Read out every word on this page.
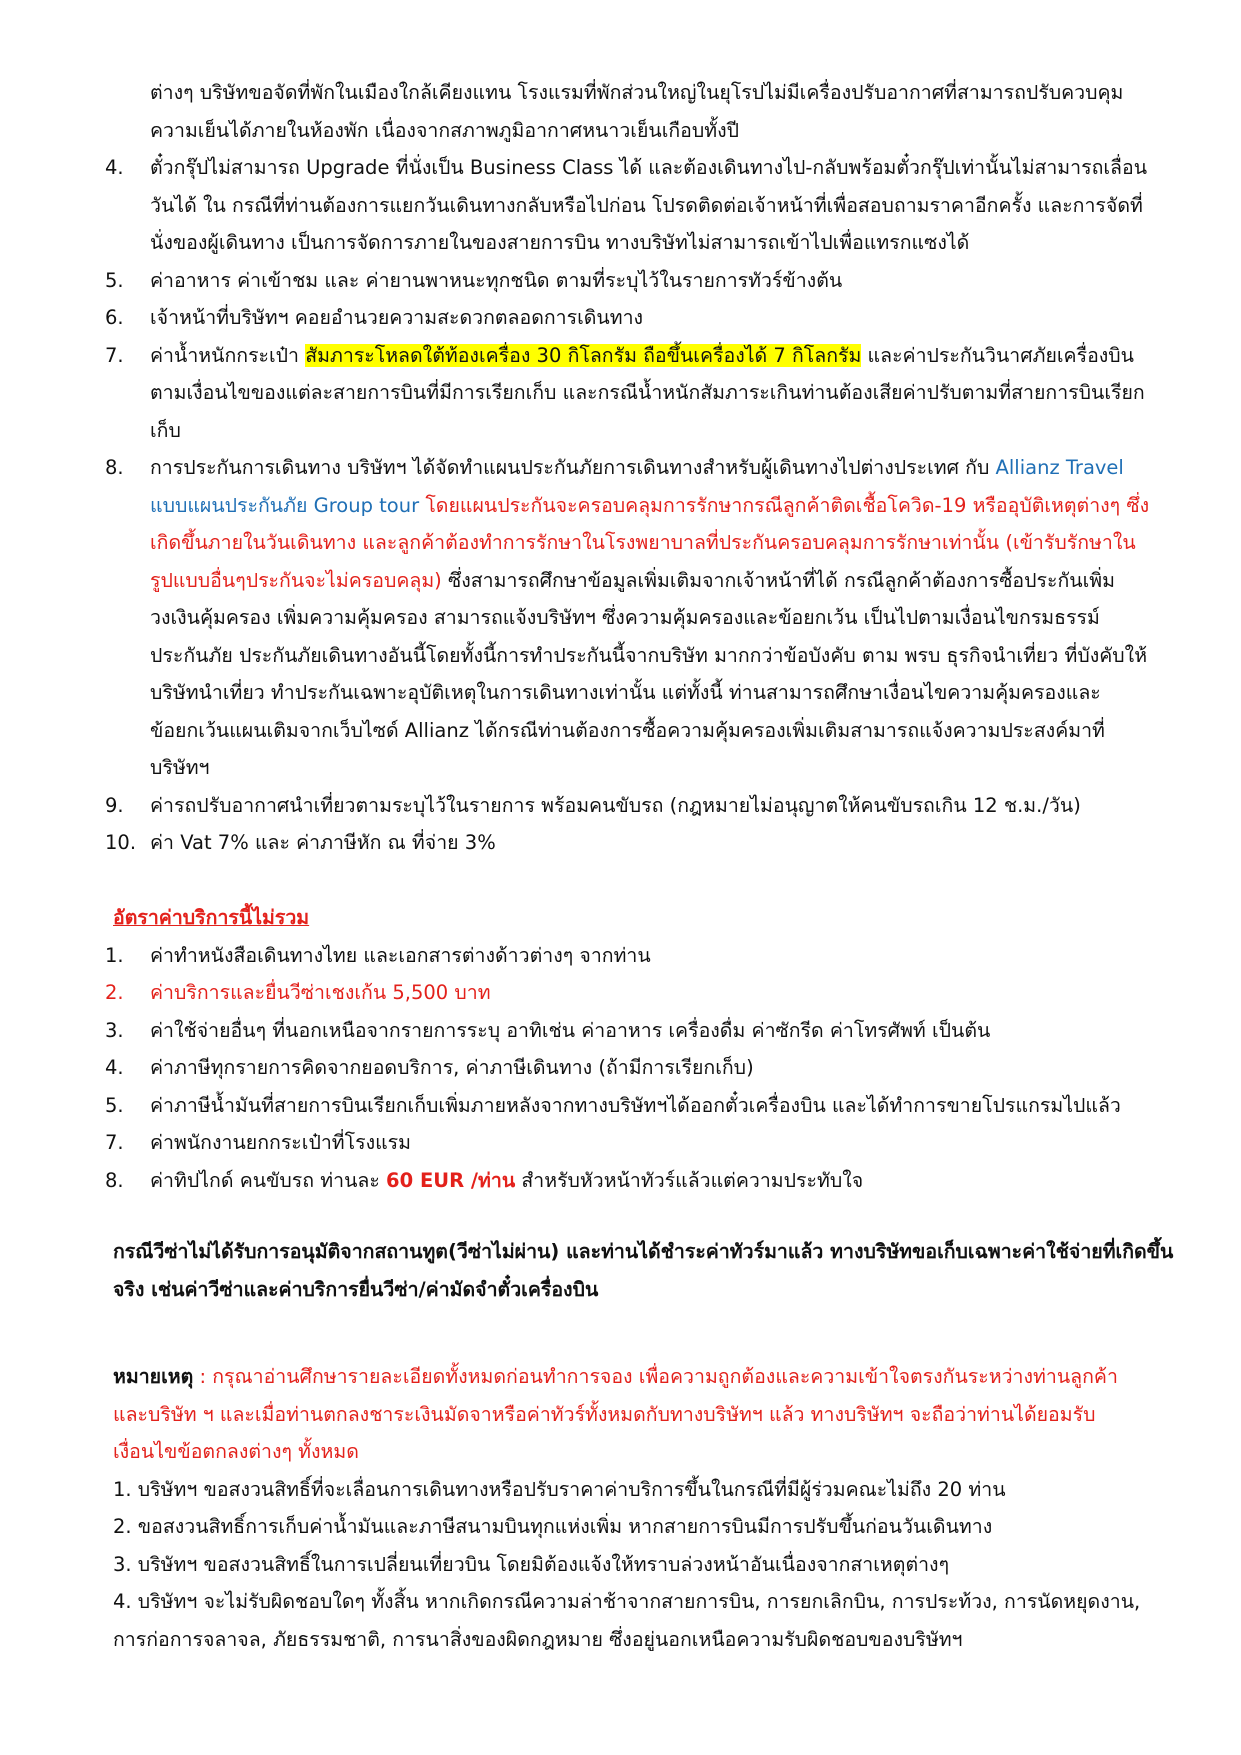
ต่างๆ บริษัทขอจัดที่พักในเมืองใกล้เคียงแทน โรงแรมที่พักส่วนใหญ่ในยุโรปไม่มีเครื่องปรับอากาศที่สามารถปรับควบคุม
ความเย็นได้ภายในห้องพัก เนื่องจากสภาพภูมิอากาศหนาวเย็นเกือบทั้งปี
4. ตั๋วกรุ๊ปไม่สามารถ Upgrade ที่นั่งเป็น Business Class ได้ และต้องเดินทางไป-กลับพร้อมตั๋วกรุ๊ปเท่านั้นไม่สามารถเลื่อน
วันได้ ใน กรณีที่ท่านต้องการแยกวันเดินทางกลับหรือไปก่อน โปรดติดต่อเจ้าหน้าที่เพื่อสอบถามราคาอีกครั้ง และการจัดที่
นั่งของผู้เดินทาง เป็นการจัดการภายในของสายการบิน ทางบริษัทไม่สามารถเข้าไปเพื่อแทรกแซงได้
5. ค่าอาหาร ค่าเข้าชม และ ค่ายานพาหนะทุกชนิด ตามที่ระบุไว้ในรายการทัวร์ข้างต้น
6. เจ้าหน้าที่บริษัทฯ คอยอำนวยความสะดวกตลอดการเดินทาง
7. ค่าน้ำหนักกระเป๋า สัมภาระโหลดใต้ท้องเครื่อง 30 กิโลกรัม ถือขึ้นเครื่องได้ 7 กิโลกรัม และค่าประกันวินาศภัยเครื่องบิน
ตามเงื่อนไขของแต่ละสายการบินที่มีการเรียกเก็บ และกรณีน้ำหนักสัมภาระเกินท่านต้องเสียค่าปรับตามที่สายการบินเรียก
เก็บ
8. การประกันการเดินทาง บริษัทฯ ได้จัดทำแผนประกันภัยการเดินทางสำหรับผู้เดินทางไปต่างประเทศ กับ Allianz Travel
แบบแผนประกันภัย Group tour โดยแผนประกันจะครอบคลุมการรักษากรณีลูกค้าติดเชื้อโควิด-19 หรืออุบัติเหตุต่างๆ ซึ่ง
เกิดขึ้นภายในวันเดินทาง และลูกค้าต้องทำการรักษาในโรงพยาบาลที่ประกันครอบคลุมการรักษาเท่านั้น (เข้ารับรักษาใน
รูปแบบอื่นๆประกันจะไม่ครอบคลุม) ซึ่งสามารถศึกษาข้อมูลเพิ่มเติมจากเจ้าหน้าที่ได้ กรณีลูกค้าต้องการซื้อประกันเพิ่ม
วงเงินคุ้มครอง เพิ่มความคุ้มครอง สามารถแจ้งบริษัทฯ ซึ่งความคุ้มครองและข้อยกเว้น เป็นไปตามเงื่อนไขกรมธรรม์
ประกันภัย ประกันภัยเดินทางอันนี้โดยทั้งนี้การทำประกันนี้จากบริษัท มากกว่าข้อบังคับ ตาม พรบ ธุรกิจนำเที่ยว ที่บังคับให้
บริษัทนำเที่ยว ทำประกันเฉพาะอุบัติเหตุในการเดินทางเท่านั้น แต่ทั้งนี้ ท่านสามารถศึกษาเงื่อนไขความคุ้มครองและ
ข้อยกเว้นแผนเติมจากเว็บไซด์ Allianz ได้กรณีท่านต้องการซื้อความคุ้มครองเพิ่มเติมสามารถแจ้งความประสงค์มาที่
บริษัทฯ
9. ค่ารถปรับอากาศนำเที่ยวตามระบุไว้ในรายการ พร้อมคนขับรถ (กฎหมายไม่อนุญาตให้คนขับรถเกิน 12 ช.ม./วัน)
10. ค่า Vat 7% และ ค่าภาษีหัก ณ ที่จ่าย 3%
อัตราค่าบริการนี้ไม่รวม
1. ค่าทำหนังสือเดินทางไทย และเอกสารต่างด้าวต่างๆ จากท่าน
2. ค่าบริการและยื่นวีซ่าเชงเก้น 5,500 บาท
3. ค่าใช้จ่ายอื่นๆ ที่นอกเหนือจากรายการระบุ อาทิเช่น ค่าอาหาร เครื่องดื่ม ค่าซักรีด ค่าโทรศัพท์ เป็นต้น
4. ค่าภาษีทุกรายการคิดจากยอดบริการ, ค่าภาษีเดินทาง (ถ้ามีการเรียกเก็บ)
5. ค่าภาษีน้ำมันที่สายการบินเรียกเก็บเพิ่มภายหลังจากทางบริษัทฯได้ออกตั๋วเครื่องบิน และได้ทำการขายโปรแกรมไปแล้ว
7. ค่าพนักงานยกกระเป๋าที่โรงแรม
8. ค่าทิปไกด์ คนขับรถ ท่านละ 60 EUR /ท่าน สำหรับหัวหน้าทัวร์แล้วแต่ความประทับใจ
กรณีวีซ่าไม่ได้รับการอนุมัติจากสถานทูต(วีซ่าไม่ผ่าน) และท่านได้ชำระค่าทัวร์มาแล้ว ทางบริษัทขอเก็บเฉพาะค่าใช้จ่ายที่เกิดขึ้น
จริง เช่นค่าวีซ่าและค่าบริการยื่นวีซ่า/ค่ามัดจำตั๋วเครื่องบิน
หมายเหตุ : กรุณาอ่านศึกษารายละเอียดทั้งหมดก่อนทำการจอง เพื่อความถูกต้องและความเข้าใจตรงกันระหว่างท่านลูกค้า
และบริษัท ฯ และเมื่อท่านตกลงชาระเงินมัดจาหรือค่าทัวร์ทั้งหมดกับทางบริษัทฯ แล้ว ทางบริษัทฯ จะถือว่าท่านได้ยอมรับ
เงื่อนไขข้อตกลงต่างๆ ทั้งหมด
1. บริษัทฯ ขอสงวนสิทธิ์ที่จะเลื่อนการเดินทางหรือปรับราคาค่าบริการขึ้นในกรณีที่มีผู้ร่วมคณะไม่ถึง 20 ท่าน
2. ขอสงวนสิทธิ์การเก็บค่าน้ำมันและภาษีสนามบินทุกแห่งเพิ่ม หากสายการบินมีการปรับขึ้นก่อนวันเดินทาง
3. บริษัทฯ ขอสงวนสิทธิ์ในการเปลี่ยนเที่ยวบิน โดยมิต้องแจ้งให้ทราบล่วงหน้าอันเนื่องจากสาเหตุต่างๆ
4. บริษัทฯ จะไม่รับผิดชอบใดๆ ทั้งสิ้น หากเกิดกรณีความล่าช้าจากสายการบิน, การยกเลิกบิน, การประท้วง, การนัดหยุดงาน,
การก่อการจลาจล, ภัยธรรมชาติ, การนาสิ่งของผิดกฎหมาย ซึ่งอยู่นอกเหนือความรับผิดชอบของบริษัทฯ
